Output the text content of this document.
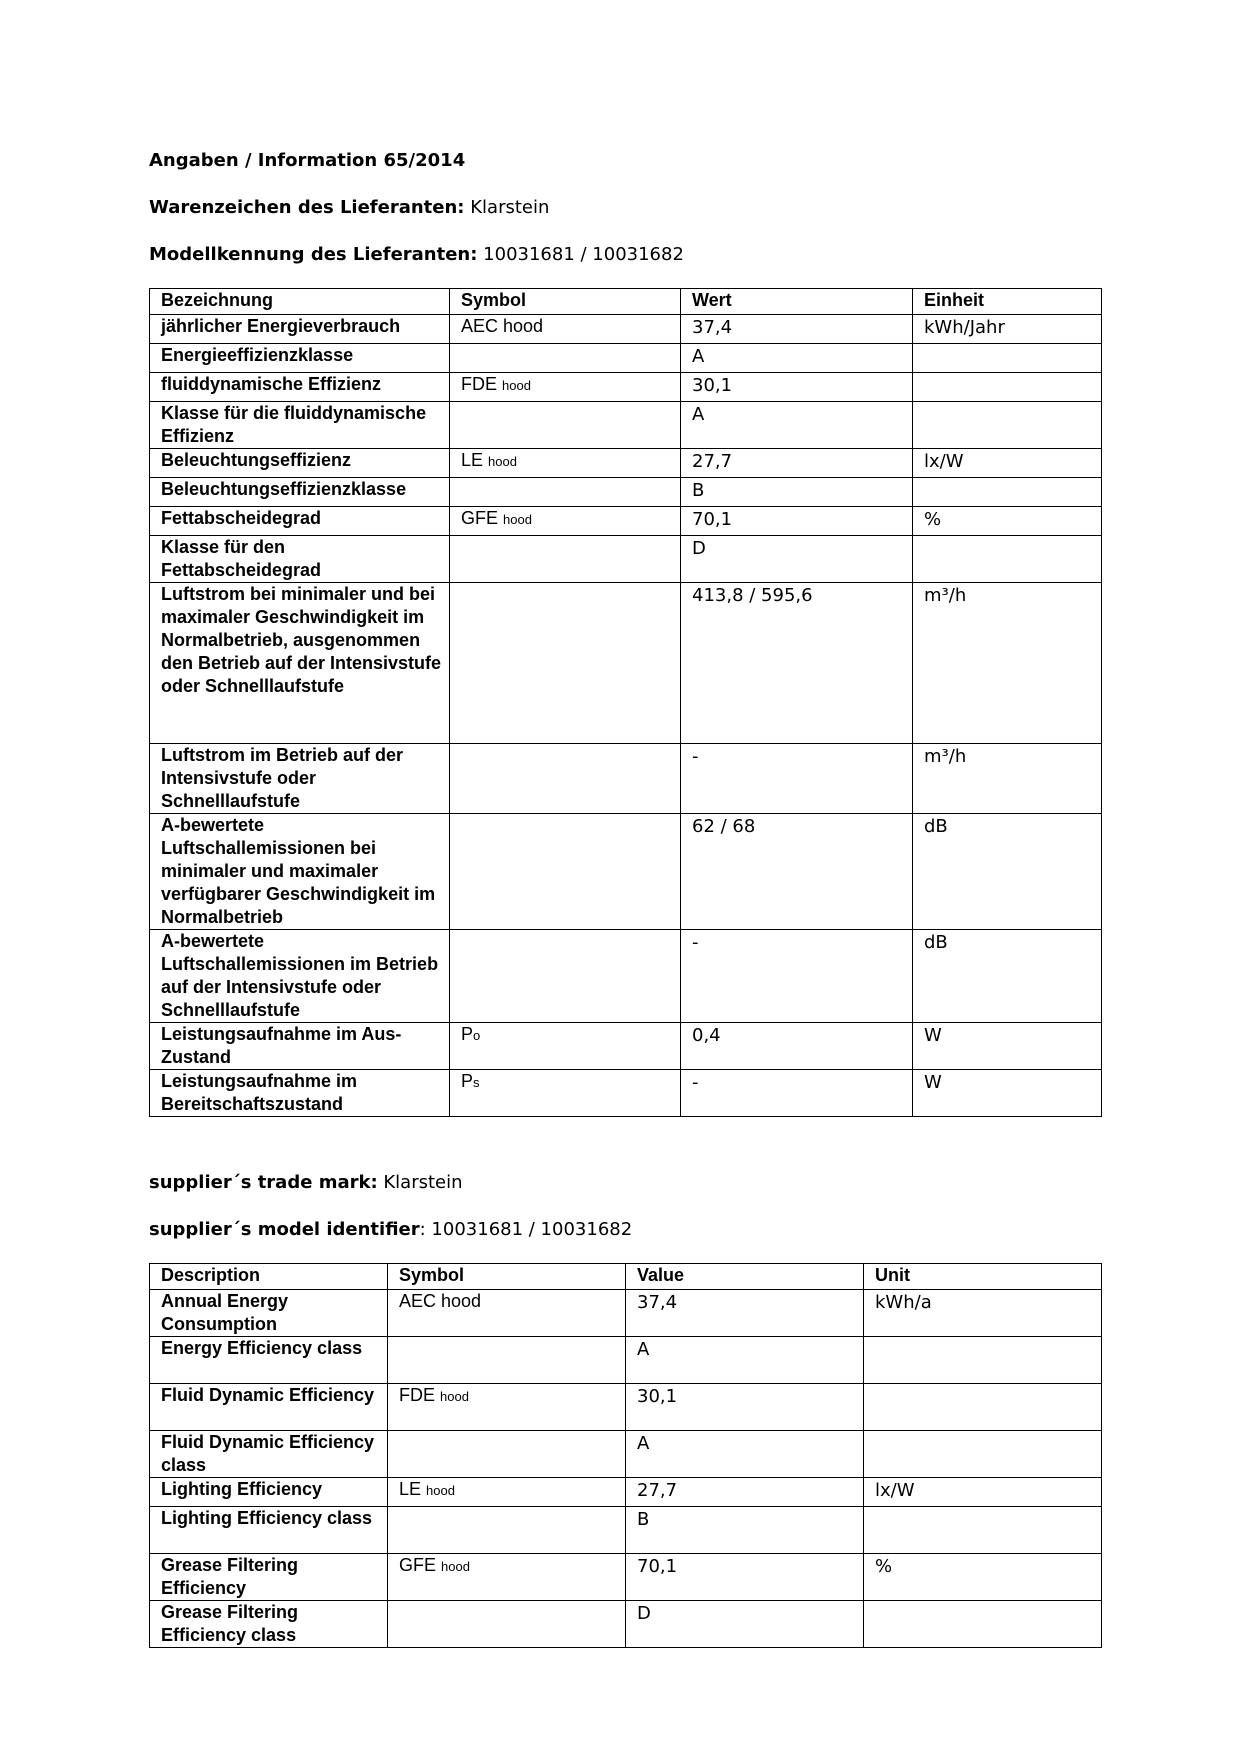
Angaben / Information 65/2014
Warenzeichen des Lieferanten: Klarstein
Modellkennung des Lieferanten: 10031681 / 10031682
Bezeichnung	Symbol	Wert	Einheit
jährlicher Energieverbrauch	AEC hood	37,4	kWh/Jahr
Energieeffizienzklasse		A	
fluiddynamische Effizienz	FDE hood	30,1	
Klasse für die fluiddynamische Effizienz		A	
Beleuchtungseffizienz	LE hood	27,7	lx/W
Beleuchtungseffizienzklasse		B	
Fettabscheidegrad	GFE hood	70,1	%
Klasse für den Fettabscheidegrad		D	
Luftstrom bei minimaler und bei maximaler Geschwindigkeit im Normalbetrieb, ausgenommen den Betrieb auf der Intensivstufe oder Schnelllaufstufe		413,8 / 595,6	m³/h
Luftstrom im Betrieb auf der Intensivstufe oder Schnelllaufstufe		-	m³/h
A-bewertete Luftschallemissionen bei minimaler und maximaler verfügbarer Geschwindigkeit im Normalbetrieb		62 / 68	dB
A-bewertete Luftschallemissionen im Betrieb auf der Intensivstufe oder Schnelllaufstufe		-	dB
Leistungsaufnahme im Aus-Zustand	Po	0,4	W
Leistungsaufnahme im Bereitschaftszustand	Ps	-	W
supplier´s trade mark: Klarstein
supplier´s model identifier: 10031681 / 10031682
Description	Symbol	Value	Unit
Annual Energy Consumption	AEC hood	37,4	kWh/a
Energy Efficiency class		A	
Fluid Dynamic Efficiency	FDE hood	30,1	
Fluid Dynamic Efficiency class		A	
Lighting Efficiency	LE hood	27,7	lx/W
Lighting Efficiency class		B	
Grease Filtering Efficiency	GFE hood	70,1	%
Grease Filtering Efficiency class		D	
